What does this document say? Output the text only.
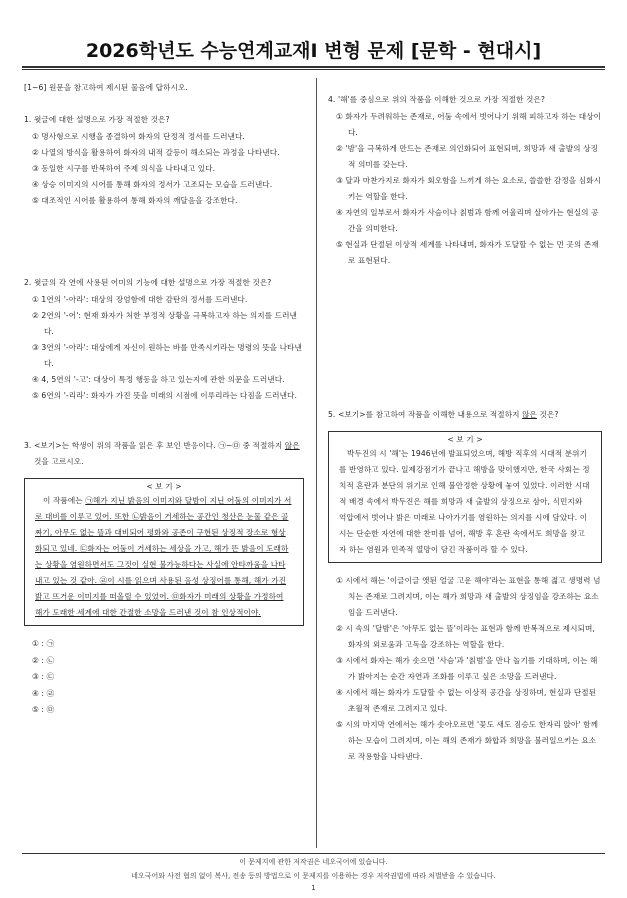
2026학년도 수능연계교재Ⅰ 변형 문제 [문학 - 현대시]

[1~6] 원문을 참고하여 제시된 물음에 답하시오.

1. 윗글에 대한 설명으로 가장 적절한 것은?
① 명사형으로 시행을 종결하여 화자의 단정적 정서를 드러낸다.
② 나열의 방식을 활용하여 화자의 내적 갈등이 해소되는 과정을 나타낸다.
③ 동일한 시구를 반복하여 주제 의식을 나타내고 있다.
④ 상승 이미지의 시어를 통해 화자의 정서가 고조되는 모습을 드러낸다.
⑤ 대조적인 시어를 활용하여 통해 화자의 깨달음을 강조한다.
2. 윗글의 각 연에 사용된 어미의 기능에 대한 설명으로 가장 적절한 것은?
① 1연의 '-아라': 대상의 장엄함에 대한 감탄의 정서를 드러낸다.
② 2연의 '-어': 현재 화자가 처한 부정적 상황을 극복하고자 하는 의지를 드러낸다.
③ 3연의 '-아라': 대상에게 자신이 원하는 바를 만족시키라는 명령의 뜻을 나타낸다.
④ 4, 5연의 '-고': 대상이 특정 행동을 하고 있는지에 관한 의문을 드러낸다.
⑤ 6연의 '-리라': 화자가 가진 뜻을 미래의 시점에 이루리라는 다짐을 드러낸다.
3. <보기>는 학생이 위의 작품을 읽은 후 보인 반응이다. ㉠~㉤ 중 적절하지 않은 것을 고르시오.
< 보 기 >
이 작품에는 ㉠해가 지닌 밝음의 이미지와 달밤이 지닌 어둠의 이미지가 서로 대비를 이루고 있어. 또한 ㉡밝음이 거세하는 공간인 청산은 눈물 같은 골짜기, 아무도 없는 뜰과 대비되어 평화와 공존이 구현된 상징적 장소로 형상화되고 있네. ㉢화자는 어둠이 거세하는 세상을 가고, 해가 뜬 밝음이 도래하는 상황을 염원하면서도 그것이 실현 불가능하다는 사실에 안타까움을 나타내고 있는 것 같아. ㉣이 시를 읽으며 사용된 음성 상징어를 통해, 해가 가진 밝고 뜨거운 이미지를 떠올릴 수 있었어. ㉤화자가 미래의 상황을 가정하여 해가 도래한 세계에 대한 간절한 소망을 드러낸 것이 참 인상적이야.
① : ㉠
② : ㉡
③ : ㉢
④ : ㉣
⑤ : ㉤
4. '해'를 중심으로 위의 작품을 이해한 것으로 가장 적절한 것은?
① 화자가 두려워하는 존재로, 어둠 속에서 벗어나기 위해 피하고자 하는 대상이다.
② '밤'을 극복하게 만드는 존재로 의인화되어 표현되며, 희망과 새 출발의 상징적 의미를 갖는다.
③ 달과 마찬가지로 화자가 회오함을 느끼게 하는 요소로, 쓸쓸한 감정을 심화시키는 역할을 한다.
④ 자연의 일부로서 화자가 사슴이나 칡범과 함께 어울리며 살아가는 현실의 공간을 의미한다.
⑤ 현실과 단절된 이상적 세계를 나타내며, 화자가 도달할 수 없는 먼 곳의 존재로 표현된다.
5. <보기>를 참고하여 작품을 이해한 내용으로 적절하지 않은 것은?
< 보 기 >
박두진의 시 '해'는 1946년에 발표되었으며, 해방 직후의 시대적 분위기를 반영하고 있다. 일제강점기가 끝나고 해방을 맞이했지만, 한국 사회는 정치적 혼란과 분단의 위기로 인해 불안정한 상황에 놓여 있었다. 이러한 시대적 배경 속에서 박두진은 해를 희망과 새 출발의 상징으로 삼아, 식민지와 억압에서 벗어나 밝은 미래로 나아가기를 염원하는 의지를 시에 담았다. 이 시는 단순한 자연에 대한 찬미를 넘어, 해방 후 혼란 속에서도 희망을 찾고자 하는 염원과 민족적 열망이 담긴 작품이라 할 수 있다.
① 시에서 해는 '이글이글 앳된 얼굴 고운 해야'라는 표현을 통해 젊고 생명력 넘치는 존재로 그려지며, 이는 해가 희망과 새 출발의 상징임을 강조하는 요소임을 드러낸다.
② 시 속의 '달밤'은 '아무도 없는 뜰'이라는 표현과 함께 반복적으로 제시되며, 화자의 외로움과 고독을 강조하는 역할을 한다.
③ 시에서 화자는 해가 솟으면 '사슴'과 '칡범'을 만나 놀기를 기대하며, 이는 해가 밝아지는 순간 자연과 조화를 이루고 싶은 소망을 드러낸다.
④ 시에서 해는 화자가 도달할 수 없는 이상적 공간을 상징하며, 현실과 단절된 초월적 존재로 그려지고 있다.
⑤ 시의 마지막 연에서는 해가 솟아오르면 '꽃도 새도 짐승도 한자리 앉아' 함께하는 모습이 그려지며, 이는 해의 존재가 화합과 희망을 불러일으키는 요소로 작용함을 나타낸다.
이 문제지에 관한 저작권은 네오국어에 있습니다.
네오국어와 사전 협의 없이 복사, 전송 등의 방법으로 이 문제지를 이용하는 경우 저작권법에 따라 처벌받을 수 있습니다.
1
